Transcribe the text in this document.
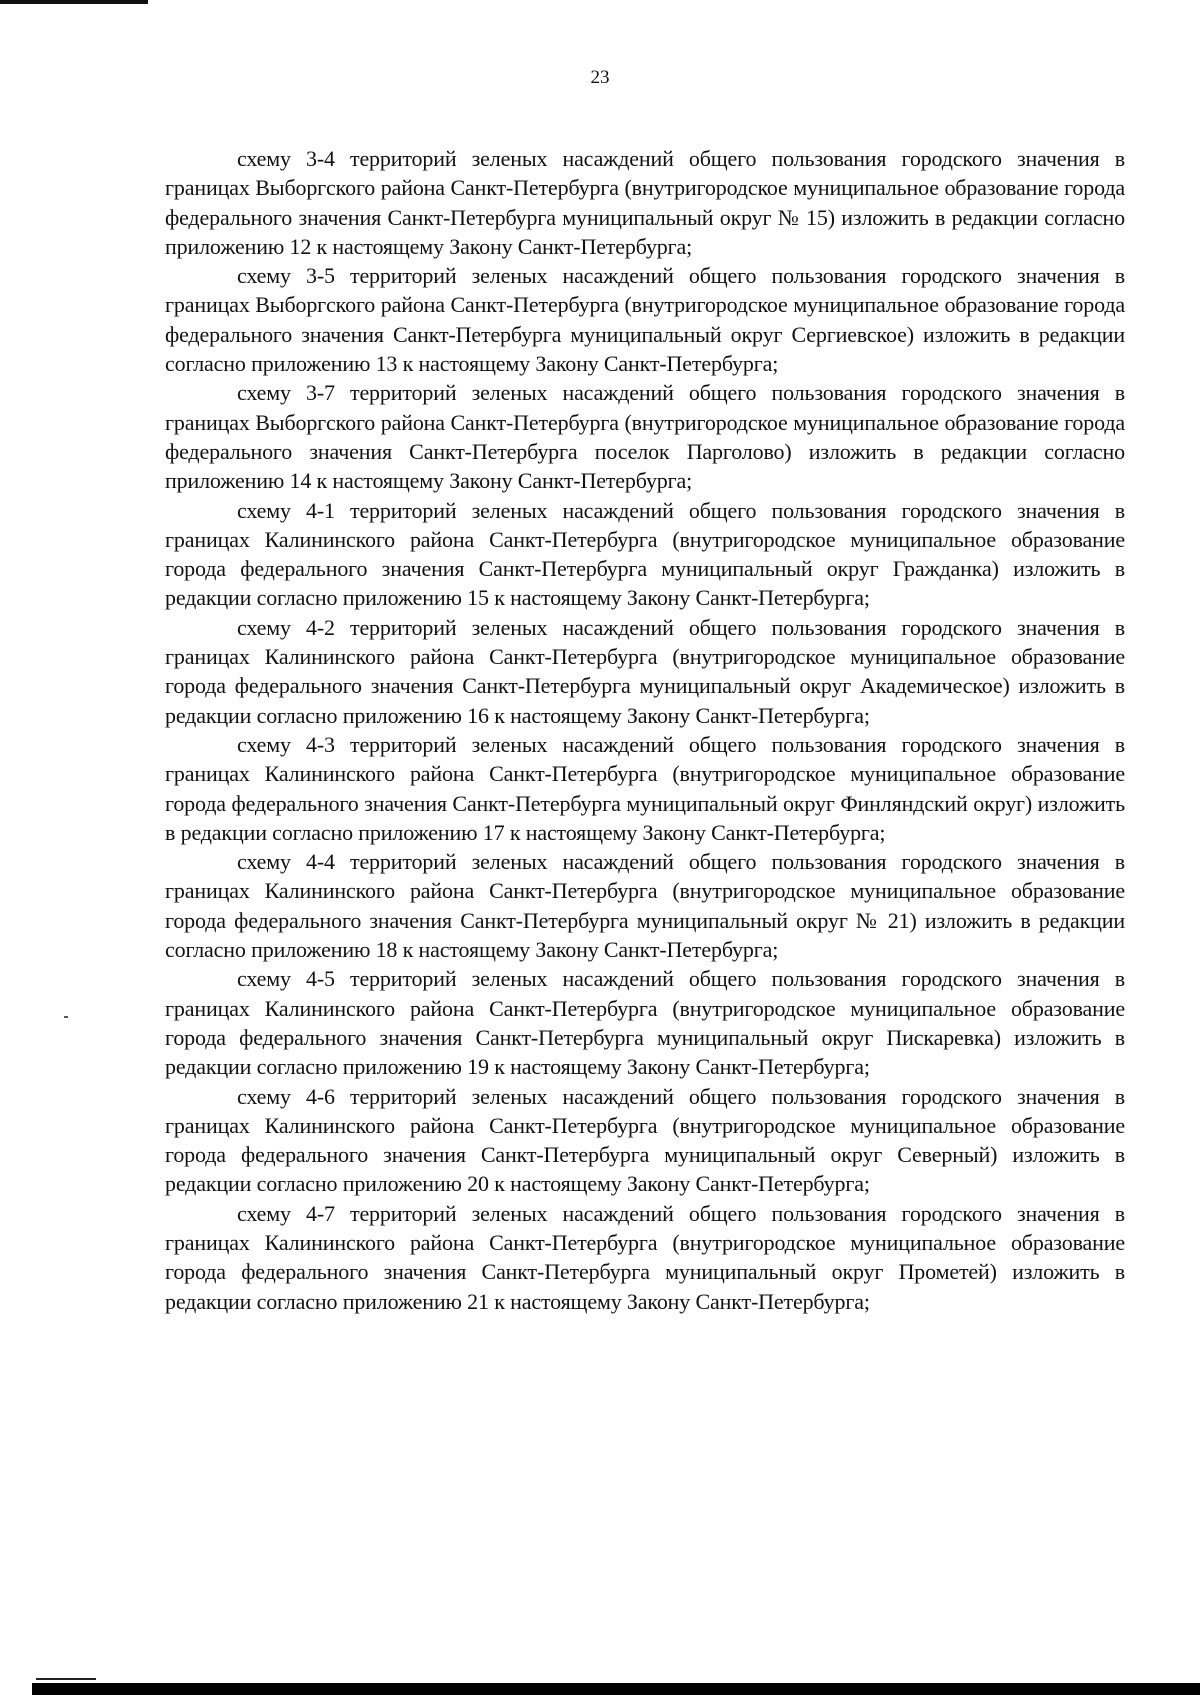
23

схему 3-4 территорий зеленых насаждений общего пользования городского значения в границах Выборгского района Санкт-Петербурга (внутригородское муниципальное образование города федерального значения Санкт-Петербурга муниципальный округ № 15) изложить в редакции согласно приложению 12 к настоящему Закону Санкт-Петербурга;

схему 3-5 территорий зеленых насаждений общего пользования городского значения в границах Выборгского района Санкт-Петербурга (внутригородское муниципальное образование города федерального значения Санкт-Петербурга муниципальный округ Сергиевское) изложить в редакции согласно приложению 13 к настоящему Закону Санкт-Петербурга;

схему 3-7 территорий зеленых насаждений общего пользования городского значения в границах Выборгского района Санкт-Петербурга (внутригородское муниципальное образование города федерального значения Санкт-Петербурга поселок Парголово) изложить в редакции согласно приложению 14 к настоящему Закону Санкт-Петербурга;

схему 4-1 территорий зеленых насаждений общего пользования городского значения в границах Калининского района Санкт-Петербурга (внутригородское муниципальное образование города федерального значения Санкт-Петербурга муниципальный округ Гражданка) изложить в редакции согласно приложению 15 к настоящему Закону Санкт-Петербурга;

схему 4-2 территорий зеленых насаждений общего пользования городского значения в границах Калининского района Санкт-Петербурга (внутригородское муниципальное образование города федерального значения Санкт-Петербурга муниципальный округ Академическое) изложить в редакции согласно приложению 16 к настоящему Закону Санкт-Петербурга;

схему 4-3 территорий зеленых насаждений общего пользования городского значения в границах Калининского района Санкт-Петербурга (внутригородское муниципальное образование города федерального значения Санкт-Петербурга муниципальный округ Финляндский округ) изложить в редакции согласно приложению 17 к настоящему Закону Санкт-Петербурга;

схему 4-4 территорий зеленых насаждений общего пользования городского значения в границах Калининского района Санкт-Петербурга (внутригородское муниципальное образование города федерального значения Санкт-Петербурга муниципальный округ № 21) изложить в редакции согласно приложению 18 к настоящему Закону Санкт-Петербурга;

схему 4-5 территорий зеленых насаждений общего пользования городского значения в границах Калининского района Санкт-Петербурга (внутригородское муниципальное образование города федерального значения Санкт-Петербурга муниципальный округ Пискаревка) изложить в редакции согласно приложению 19 к настоящему Закону Санкт-Петербурга;

схему 4-6 территорий зеленых насаждений общего пользования городского значения в границах Калининского района Санкт-Петербурга (внутригородское муниципальное образование города федерального значения Санкт-Петербурга муниципальный округ Северный) изложить в редакции согласно приложению 20 к настоящему Закону Санкт-Петербурга;

схему 4-7 территорий зеленых насаждений общего пользования городского значения в границах Калининского района Санкт-Петербурга (внутригородское муниципальное образование города федерального значения Санкт-Петербурга муниципальный округ Прометей) изложить в редакции согласно приложению 21 к настоящему Закону Санкт-Петербурга;
